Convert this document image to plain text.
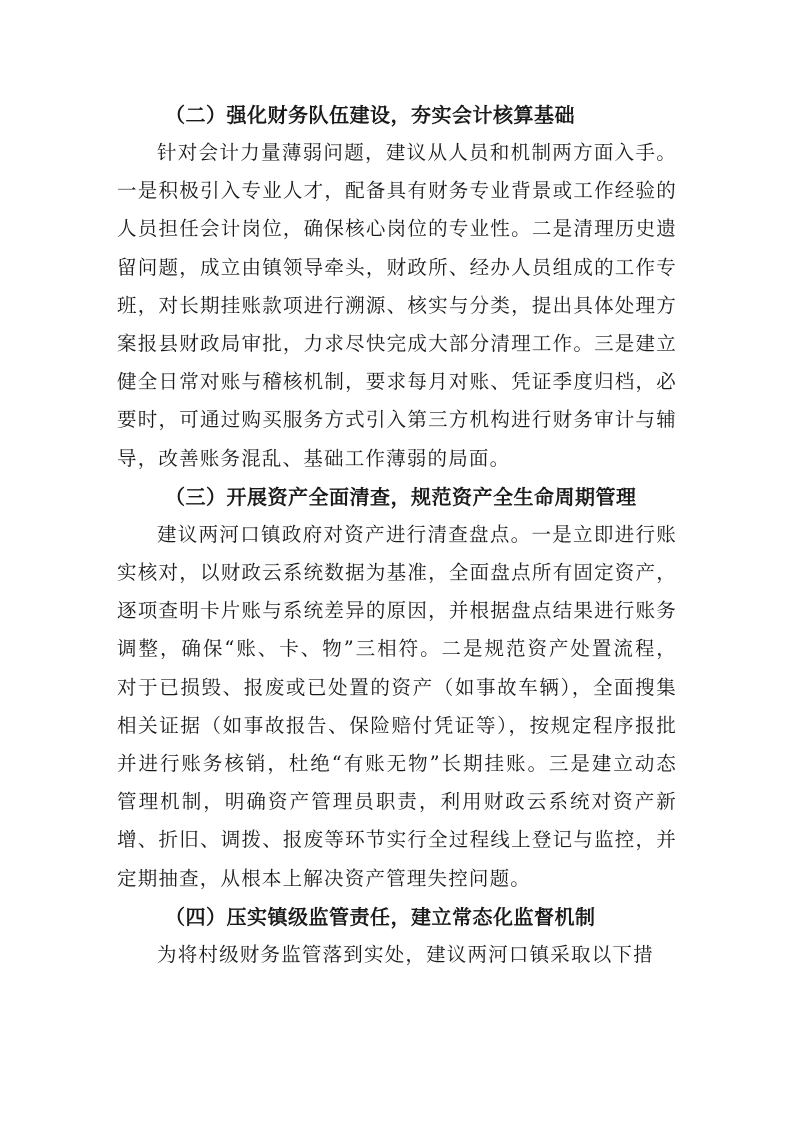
（二）强化财务队伍建设，夯实会计核算基础

针对会计力量薄弱问题，建议从人员和机制两方面入手。一是积极引入专业人才，配备具有财务专业背景或工作经验的人员担任会计岗位，确保核心岗位的专业性。二是清理历史遗留问题，成立由镇领导牵头，财政所、经办人员组成的工作专班，对长期挂账款项进行溯源、核实与分类，提出具体处理方案报县财政局审批，力求尽快完成大部分清理工作。三是建立健全日常对账与稽核机制，要求每月对账、凭证季度归档，必要时，可通过购买服务方式引入第三方机构进行财务审计与辅导，改善账务混乱、基础工作薄弱的局面。

（三）开展资产全面清查，规范资产全生命周期管理

建议两河口镇政府对资产进行清查盘点。一是立即进行账实核对，以财政云系统数据为基准，全面盘点所有固定资产，逐项查明卡片账与系统差异的原因，并根据盘点结果进行账务调整，确保“账、卡、物”三相符。二是规范资产处置流程，对于已损毁、报废或已处置的资产（如事故车辆），全面搜集相关证据（如事故报告、保险赔付凭证等），按规定程序报批并进行账务核销，杜绝“有账无物”长期挂账。三是建立动态管理机制，明确资产管理员职责，利用财政云系统对资产新增、折旧、调拨、报废等环节实行全过程线上登记与监控，并定期抽查，从根本上解决资产管理失控问题。

（四）压实镇级监管责任，建立常态化监督机制

为将村级财务监管落到实处，建议两河口镇采取以下措
